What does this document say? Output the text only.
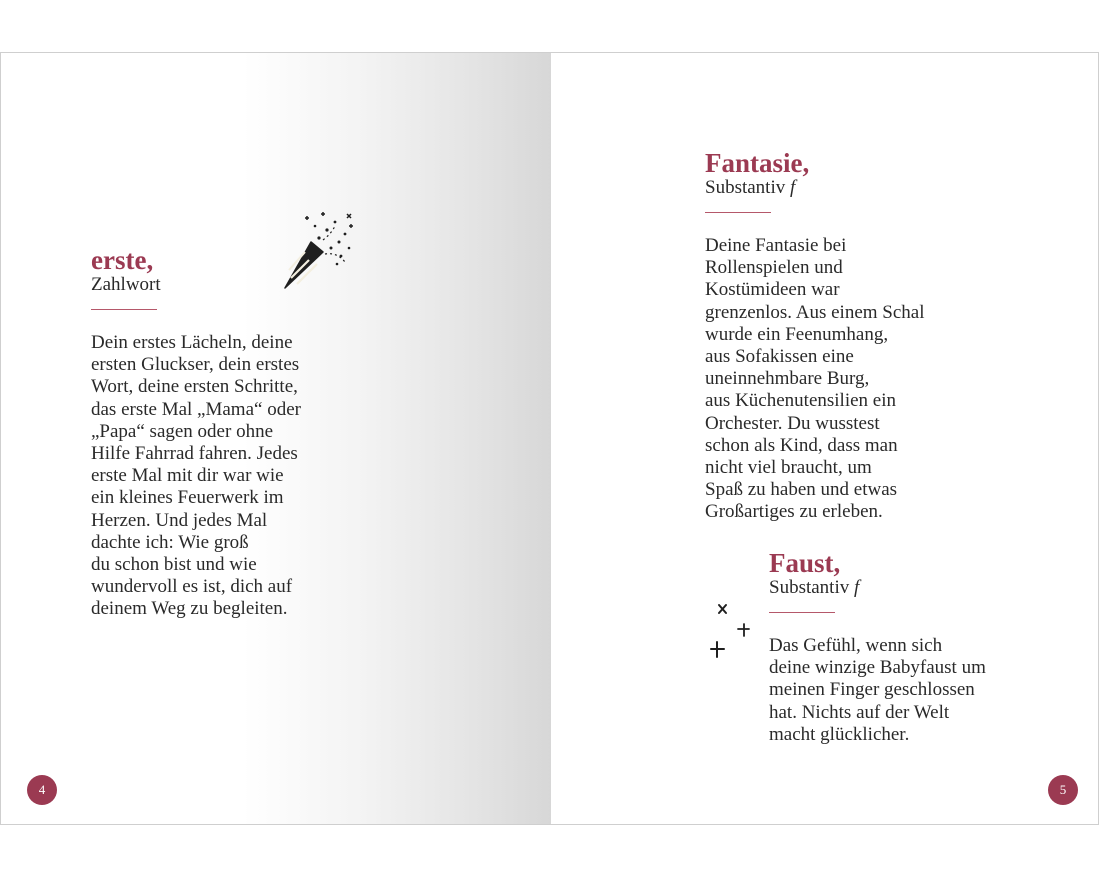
erste,
Zahlwort

Dein erstes Lächeln, deine
ersten Gluckser, dein erstes
Wort, deine ersten Schritte,
das erste Mal „Mama“ oder
„Papa“ sagen oder ohne
Hilfe Fahrrad fahren. Jedes
erste Mal mit dir war wie
ein kleines Feuerwerk im
Herzen. Und jedes Mal
dachte ich: Wie groß
du schon bist und wie
wundervoll es ist, dich auf
deinem Weg zu begleiten.

4
Fantasie,
Substantiv f

Deine Fantasie bei
Rollenspielen und
Kostümideen war
grenzenlos. Aus einem Schal
wurde ein Feenumhang,
aus Sofakissen eine
uneinnehmbare Burg,
aus Küchenutensilien ein
Orchester. Du wusstest
schon als Kind, dass man
nicht viel braucht, um
Spaß zu haben und etwas
Großartiges zu erleben.

Faust,
Substantiv f

Das Gefühl, wenn sich
deine winzige Babyfaust um
meinen Finger geschlossen
hat. Nichts auf der Welt
macht glücklicher.

5
